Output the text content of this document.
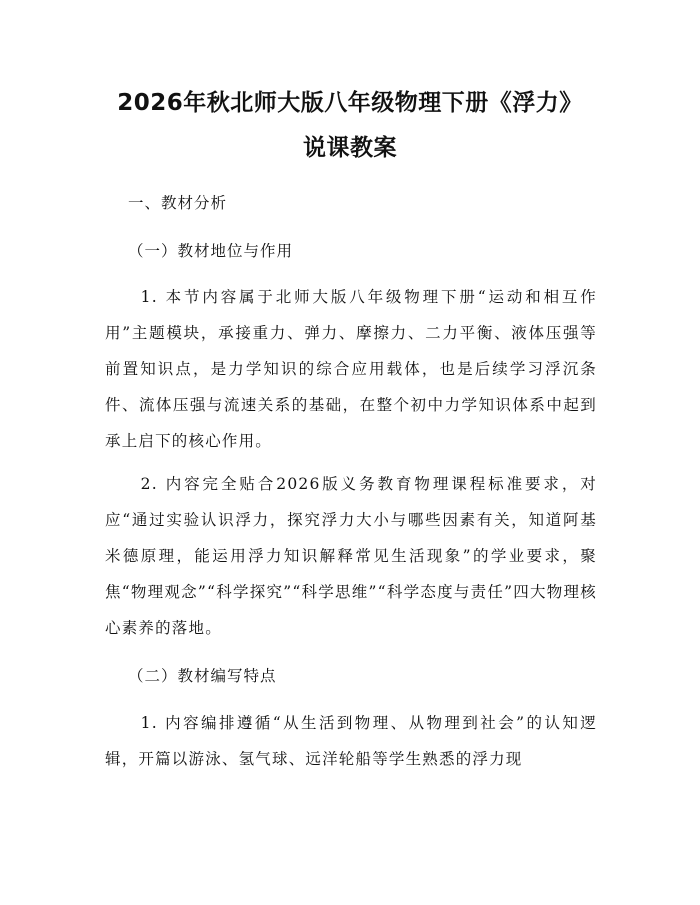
2026年秋北师大版八年级物理下册《浮力》
说课教案
一、教材分析
（一）教材地位与作用

1. 本节内容属于北师大版八年级物理下册“运动和相互作用”主题模块，承接重力、弹力、摩擦力、二力平衡、液体压强等前置知识点，是力学知识的综合应用载体，也是后续学习浮沉条件、流体压强与流速关系的基础，在整个初中力学知识体系中起到承上启下的核心作用。

2. 内容完全贴合2026版义务教育物理课程标准要求，对应“通过实验认识浮力，探究浮力大小与哪些因素有关，知道阿基米德原理，能运用浮力知识解释常见生活现象”的学业要求，聚焦“物理观念”“科学探究”“科学思维”“科学态度与责任”四大物理核心素养的落地。

（二）教材编写特点

1. 内容编排遵循“从生活到物理、从物理到社会”的认知逻辑，开篇以游泳、氢气球、远洋轮船等学生熟悉的浮力现
